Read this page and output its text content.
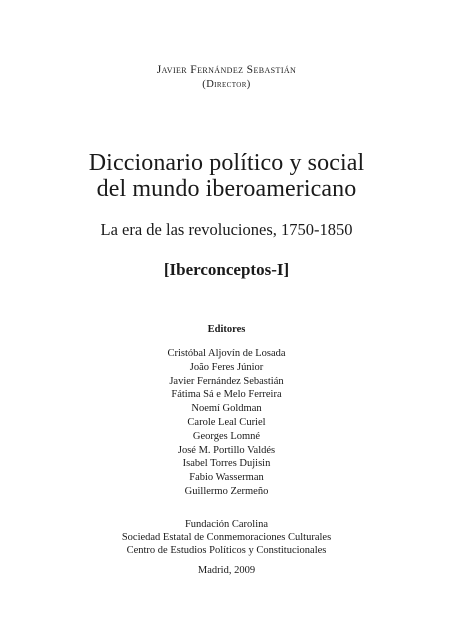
Javier Fernández Sebastián
(Director)
Diccionario político y social
del mundo iberoamericano
La era de las revoluciones, 1750-1850
[Iberconceptos-I]
Editores
Cristóbal Aljovín de Losada
João Feres Júnior
Javier Fernández Sebastián
Fátima Sá e Melo Ferreira
Noemí Goldman
Carole Leal Curiel
Georges Lomné
José M. Portillo Valdés
Isabel Torres Dujisin
Fabio Wasserman
Guillermo Zermeño
Fundación Carolina
Sociedad Estatal de Conmemoraciones Culturales
Centro de Estudios Políticos y Constitucionales
Madrid, 2009
